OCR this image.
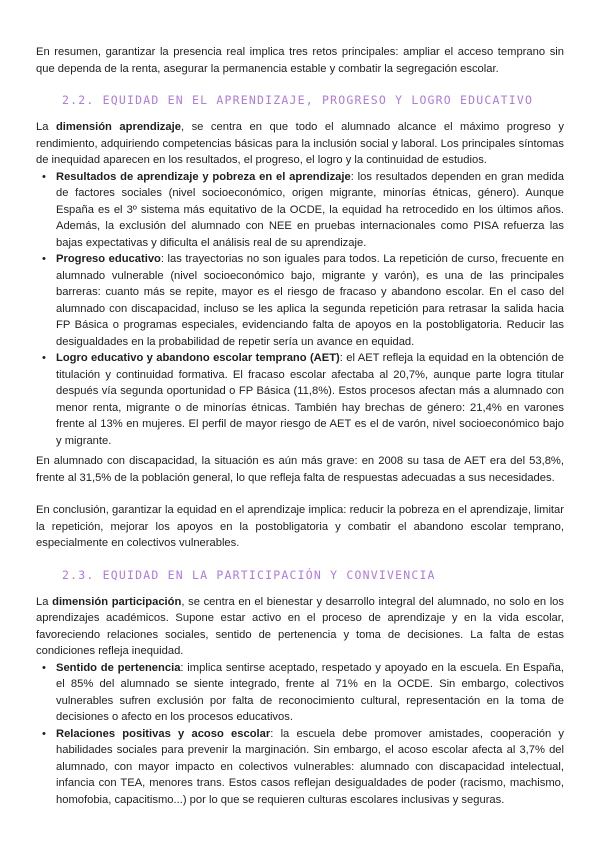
En resumen, garantizar la presencia real implica tres retos principales: ampliar el acceso temprano sin que dependa de la renta, asegurar la permanencia estable y combatir la segregación escolar.

2.2. EQUIDAD EN EL APRENDIZAJE, PROGRESO Y LOGRO EDUCATIVO

La dimensión aprendizaje, se centra en que todo el alumnado alcance el máximo progreso y rendimiento, adquiriendo competencias básicas para la inclusión social y laboral. Los principales síntomas de inequidad aparecen en los resultados, el progreso, el logro y la continuidad de estudios.

• Resultados de aprendizaje y pobreza en el aprendizaje: los resultados dependen en gran medida de factores sociales (nivel socioeconómico, origen migrante, minorías étnicas, género). Aunque España es el 3º sistema más equitativo de la OCDE, la equidad ha retrocedido en los últimos años. Además, la exclusión del alumnado con NEE en pruebas internacionales como PISA refuerza las bajas expectativas y dificulta el análisis real de su aprendizaje.
• Progreso educativo: las trayectorias no son iguales para todos. La repetición de curso, frecuente en alumnado vulnerable (nivel socioeconómico bajo, migrante y varón), es una de las principales barreras: cuanto más se repite, mayor es el riesgo de fracaso y abandono escolar. En el caso del alumnado con discapacidad, incluso se les aplica la segunda repetición para retrasar la salida hacia FP Básica o programas especiales, evidenciando falta de apoyos en la postobligatoria. Reducir las desigualdades en la probabilidad de repetir sería un avance en equidad.
• Logro educativo y abandono escolar temprano (AET): el AET refleja la equidad en la obtención de titulación y continuidad formativa. El fracaso escolar afectaba al 20,7%, aunque parte logra titular después vía segunda oportunidad o FP Básica (11,8%). Estos procesos afectan más a alumnado con menor renta, migrante o de minorías étnicas. También hay brechas de género: 21,4% en varones frente al 13% en mujeres. El perfil de mayor riesgo de AET es el de varón, nivel socioeconómico bajo y migrante.

En alumnado con discapacidad, la situación es aún más grave: en 2008 su tasa de AET era del 53,8%, frente al 31,5% de la población general, lo que refleja falta de respuestas adecuadas a sus necesidades.

En conclusión, garantizar la equidad en el aprendizaje implica: reducir la pobreza en el aprendizaje, limitar la repetición, mejorar los apoyos en la postobligatoria y combatir el abandono escolar temprano, especialmente en colectivos vulnerables.

2.3. EQUIDAD EN LA PARTICIPACIÓN Y CONVIVENCIA

La dimensión participación, se centra en el bienestar y desarrollo integral del alumnado, no solo en los aprendizajes académicos. Supone estar activo en el proceso de aprendizaje y en la vida escolar, favoreciendo relaciones sociales, sentido de pertenencia y toma de decisiones. La falta de estas condiciones refleja inequidad.

• Sentido de pertenencia: implica sentirse aceptado, respetado y apoyado en la escuela. En España, el 85% del alumnado se siente integrado, frente al 71% en la OCDE. Sin embargo, colectivos vulnerables sufren exclusión por falta de reconocimiento cultural, representación en la toma de decisiones o afecto en los procesos educativos.
• Relaciones positivas y acoso escolar: la escuela debe promover amistades, cooperación y habilidades sociales para prevenir la marginación. Sin embargo, el acoso escolar afecta al 3,7% del alumnado, con mayor impacto en colectivos vulnerables: alumnado con discapacidad intelectual, infancia con TEA, menores trans. Estos casos reflejan desigualdades de poder (racismo, machismo, homofobia, capacitismo...) por lo que se requieren culturas escolares inclusivas y seguras.
